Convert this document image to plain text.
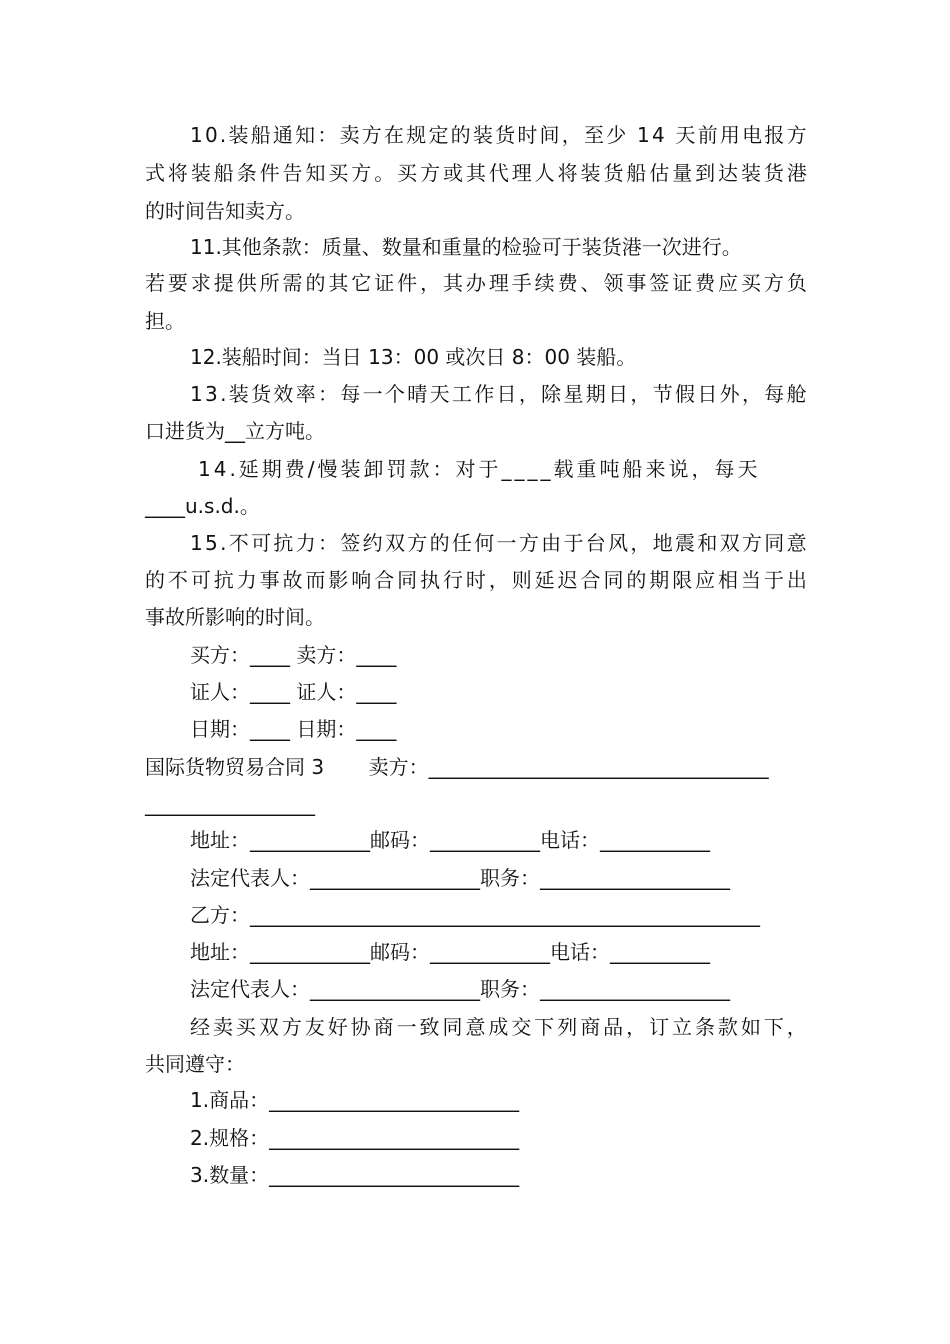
1 0 . 装 船 通 知 ： 卖 方 在 规 定 的 装 货 时 间 ， 至 少
1 4
天 前 用 电 报 方
式 将 装 船 条 件 告 知 买 方 。 买 方 或 其 代 理 人 将 装 货 船 估 量 到 达 装 货 港
的时间告知卖方。
11.其他条款：质量、数量和重量的检验可于装货港一次进行。
若 要 求 提 供 所 需 的 其 它 证 件 ， 其 办 理 手 续 费 、 领 事 签 证 费 应 买 方 负
担。
12.装船时间：当日 13：00 或次日 8：00 装船。
1 3 . 装 货 效 率 ： 每 一 个 晴 天 工 作 日 ， 除 星 期 日 ， 节 假 日 外 ， 每 舱
口进货为__立方吨。
14.延期费/慢装卸罚款：对于____载重吨船来说，每天
____u.s.d.。
1 5 . 不 可 抗 力 ： 签 约 双 方 的 任 何 一 方 由 于 台 风 ， 地 震 和 双 方 同 意
的 不 可 抗 力 事 故 而 影 响 合 同 执 行 时 ， 则 延 迟 合 同 的 期 限 应 相 当 于 出
事故所影响的时间。
买方：____ 卖方：____
证人：____ 证人：____
日期：____ 日期：____
国际货物贸易合同 3       卖方：__________________________________
_________________
地址：____________邮码：___________电话：___________
法定代表人：_________________职务：___________________
乙方：___________________________________________________
地址：____________邮码：____________电话：__________
法定代表人：_________________职务：___________________
经 卖 买 双 方 友 好 协 商 一 致 同 意 成 交 下 列 商 品 ， 订 立 条 款 如 下 ，
共同遵守：
1.商品：_________________________
2.规格：_________________________
3.数量：_________________________
